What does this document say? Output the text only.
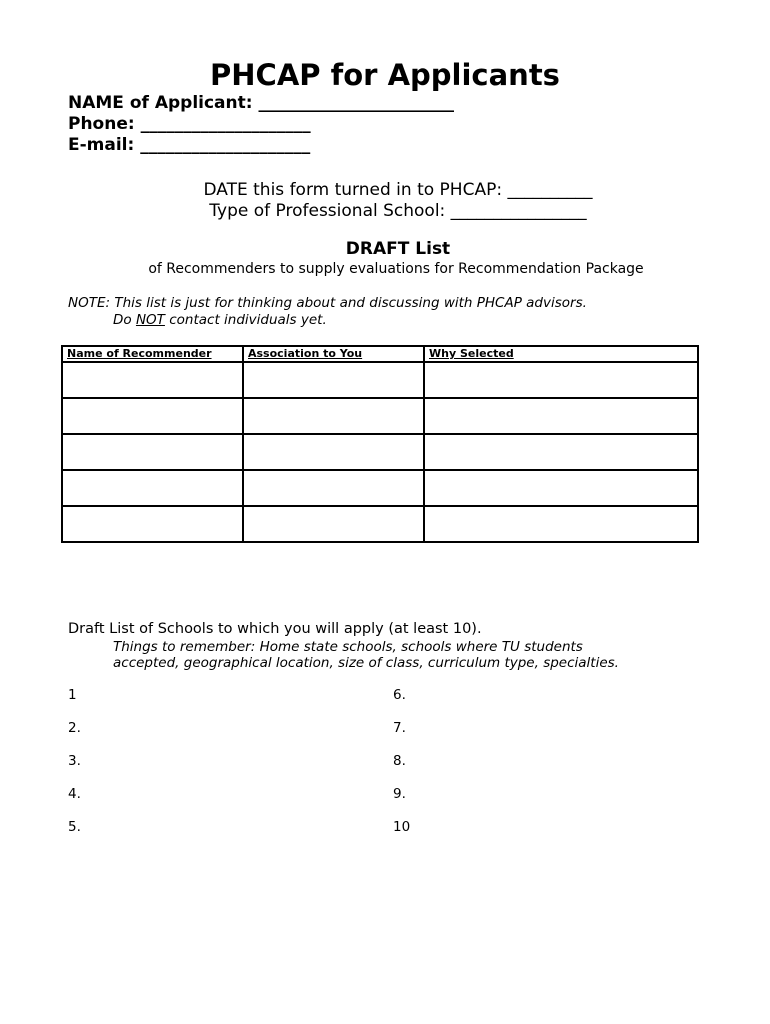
PHCAP for Applicants
NAME of Applicant: _______________________
Phone: ____________________
E-mail: ____________________
DATE this form turned in to PHCAP: __________
Type of Professional School: ________________
DRAFT List
of Recommenders to supply evaluations for Recommendation Package
NOTE: This list is just for thinking about and discussing with PHCAP advisors.
Do NOT contact individuals yet.
Name of Recommender	Association to You	Why Selected

Draft List of Schools to which you will apply (at least 10).
Things to remember: Home state schools, schools where TU students
accepted, geographical location, size of class, curriculum type, specialties.
1
2.
3.
4.
5.
6.
7.
8.
9.
10
